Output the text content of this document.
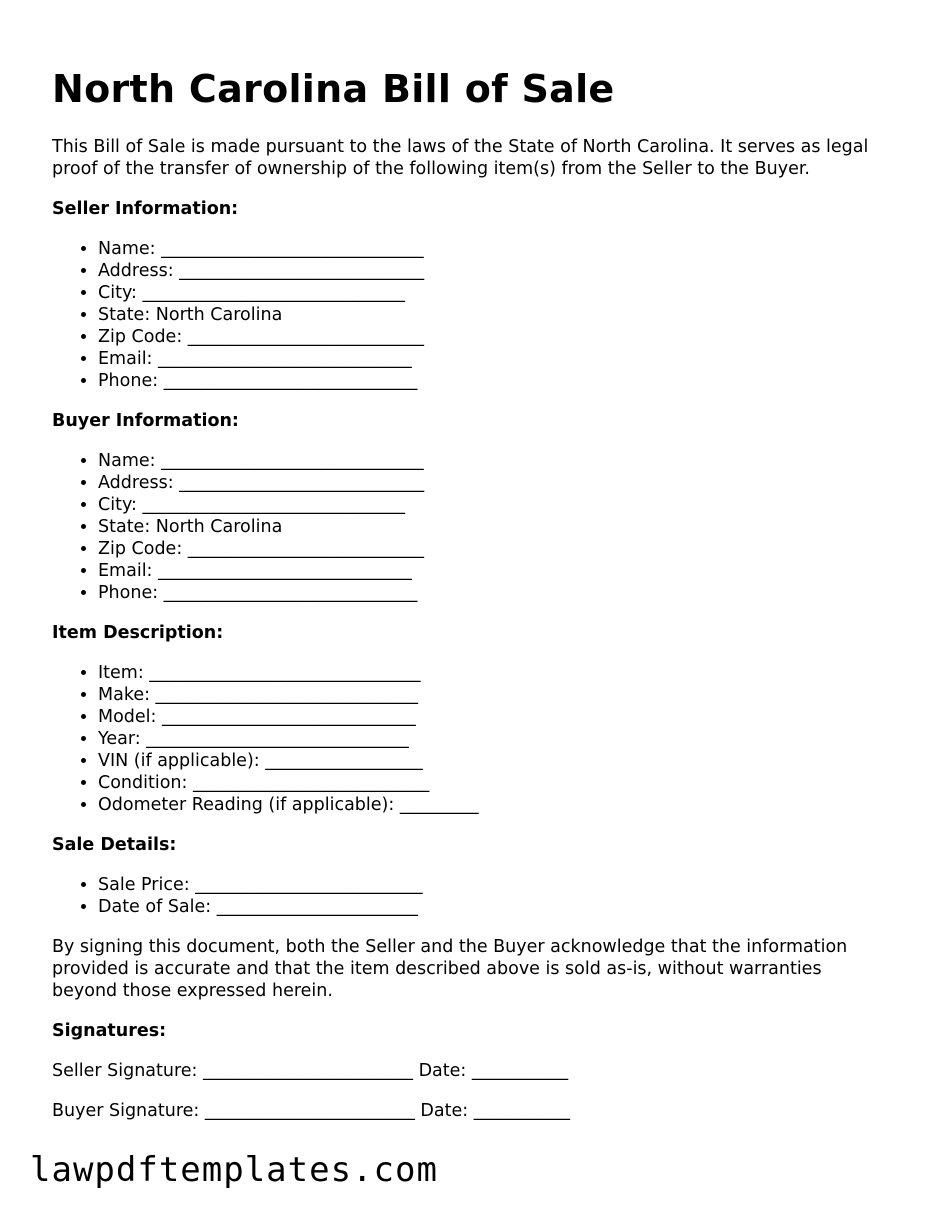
North Carolina Bill of Sale

This Bill of Sale is made pursuant to the laws of the State of North Carolina. It serves as legal proof of the transfer of ownership of the following item(s) from the Seller to the Buyer.

Seller Information:
• Name: ______________________________
• Address: ____________________________
• City: ______________________________
• State: North Carolina
• Zip Code: ___________________________
• Email: _____________________________
• Phone: _____________________________
Buyer Information:
• Name: ______________________________
• Address: ____________________________
• City: ______________________________
• State: North Carolina
• Zip Code: ___________________________
• Email: _____________________________
• Phone: _____________________________
Item Description:
• Item: _______________________________
• Make: ______________________________
• Model: _____________________________
• Year: ______________________________
• VIN (if applicable): __________________
• Condition: ___________________________
• Odometer Reading (if applicable): _________
Sale Details:
• Sale Price: __________________________
• Date of Sale: _______________________

By signing this document, both the Seller and the Buyer acknowledge that the information provided is accurate and that the item described above is sold as-is, without warranties beyond those expressed herein.

Signatures:
Seller Signature: ________________________ Date: ___________
Buyer Signature: ________________________ Date: ___________
lawpdftemplates.com
